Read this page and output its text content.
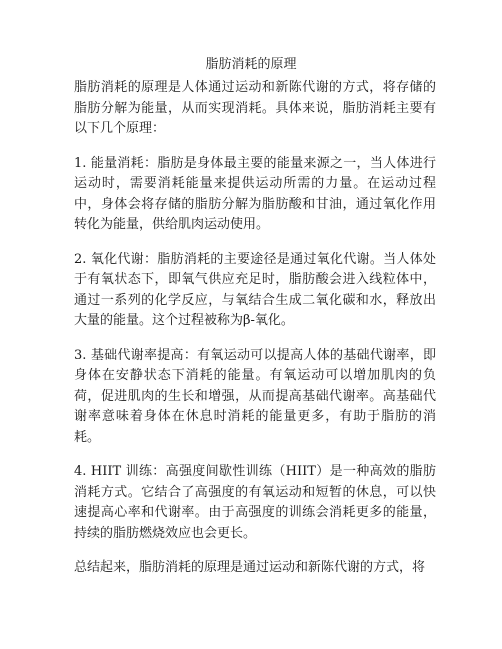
脂肪消耗的原理

脂肪消耗的原理是人体通过运动和新陈代谢的方式，将存储的脂肪分解为能量，从而实现消耗。具体来说，脂肪消耗主要有以下几个原理：

1. 能量消耗：脂肪是身体最主要的能量来源之一，当人体进行运动时，需要消耗能量来提供运动所需的力量。在运动过程中，身体会将存储的脂肪分解为脂肪酸和甘油，通过氧化作用转化为能量，供给肌肉运动使用。

2. 氧化代谢：脂肪消耗的主要途径是通过氧化代谢。当人体处于有氧状态下，即氧气供应充足时，脂肪酸会进入线粒体中，通过一系列的化学反应，与氧结合生成二氧化碳和水，释放出大量的能量。这个过程被称为β-氧化。

3. 基础代谢率提高：有氧运动可以提高人体的基础代谢率，即身体在安静状态下消耗的能量。有氧运动可以增加肌肉的负荷，促进肌肉的生长和增强，从而提高基础代谢率。高基础代谢率意味着身体在休息时消耗的能量更多，有助于脂肪的消耗。

4. HIIT 训练：高强度间歇性训练（HIIT）是一种高效的脂肪消耗方式。它结合了高强度的有氧运动和短暂的休息，可以快速提高心率和代谢率。由于高强度的训练会消耗更多的能量，持续的脂肪燃烧效应也会更长。

总结起来，脂肪消耗的原理是通过运动和新陈代谢的方式，将
